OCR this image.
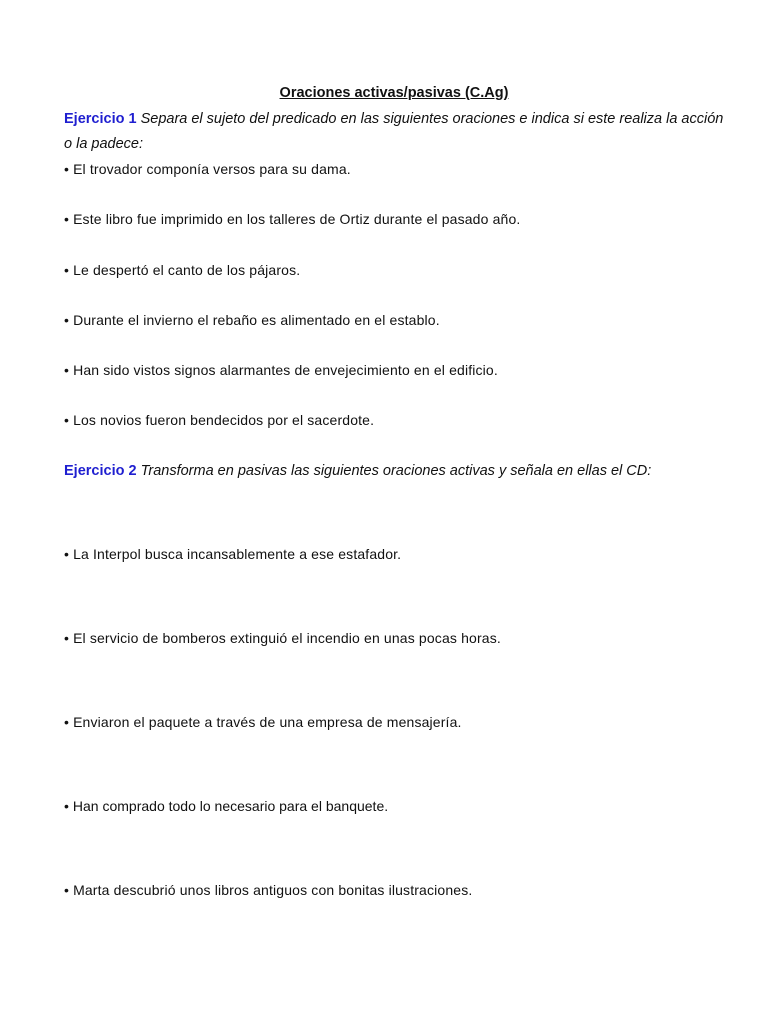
Oraciones activas/pasivas (C.Ag)
Ejercicio 1 Separa el sujeto del predicado en las siguientes oraciones e indica si este realiza la acción o la padece:
• El trovador componía versos para su dama.
• Este libro fue imprimido en los talleres de Ortiz durante el pasado año.
• Le despertó el canto de los pájaros.
• Durante el invierno el rebaño es alimentado en el establo.
• Han sido vistos signos alarmantes de envejecimiento en el edificio.
• Los novios fueron bendecidos por el sacerdote.
Ejercicio 2 Transforma en pasivas las siguientes oraciones activas y señala en ellas el CD:
• La Interpol busca incansablemente a ese estafador.
• El servicio de bomberos extinguió el incendio en unas pocas horas.
• Enviaron el paquete a través de una empresa de mensajería.
• Han comprado todo lo necesario para el banquete.
• Marta descubrió unos libros antiguos con bonitas ilustraciones.
